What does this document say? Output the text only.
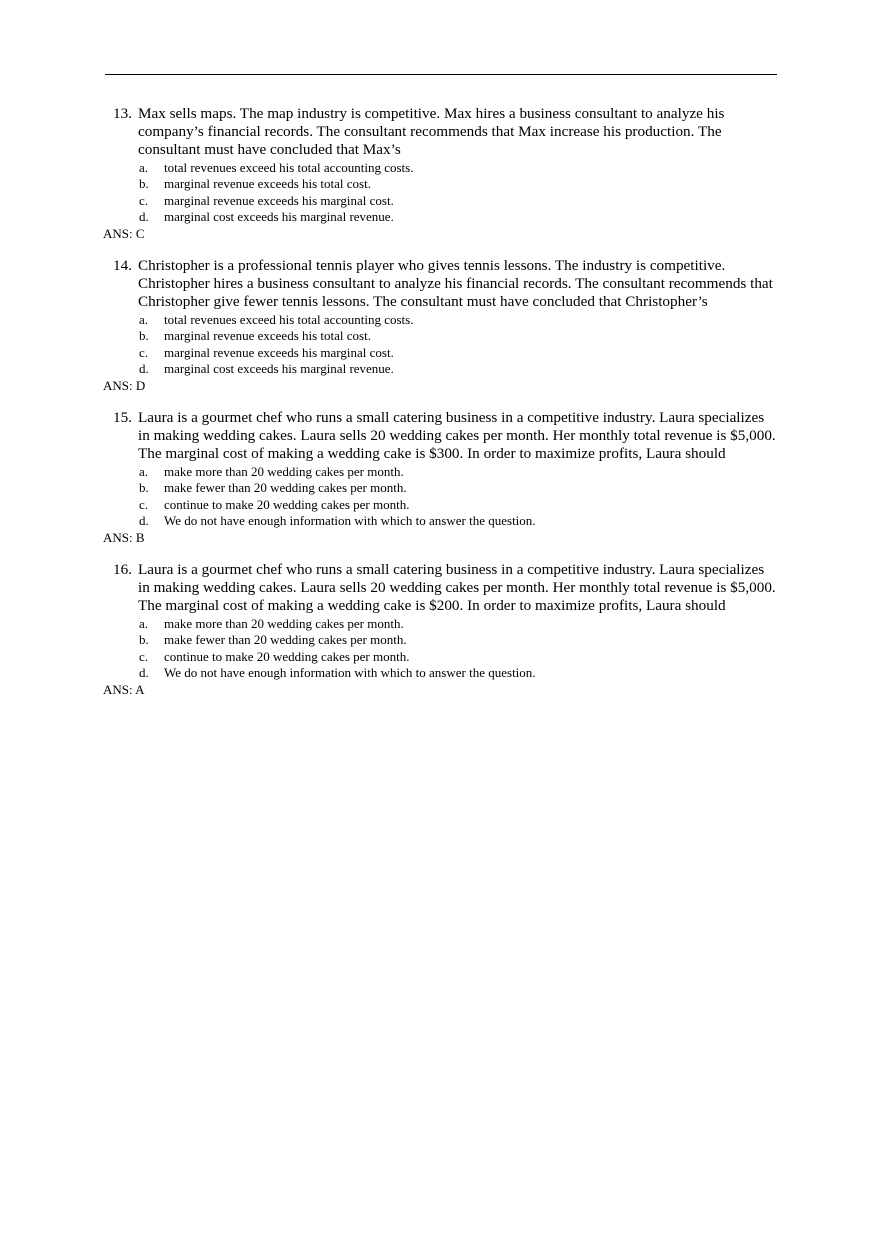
13. Max sells maps. The map industry is competitive. Max hires a business consultant to analyze his company’s financial records. The consultant recommends that Max increase his production. The consultant must have concluded that Max’s
a. total revenues exceed his total accounting costs.
b. marginal revenue exceeds his total cost.
c. marginal revenue exceeds his marginal cost.
d. marginal cost exceeds his marginal revenue.
ANS: C
14. Christopher is a professional tennis player who gives tennis lessons. The industry is competitive. Christopher hires a business consultant to analyze his financial records. The consultant recommends that Christopher give fewer tennis lessons. The consultant must have concluded that Christopher’s
a. total revenues exceed his total accounting costs.
b. marginal revenue exceeds his total cost.
c. marginal revenue exceeds his marginal cost.
d. marginal cost exceeds his marginal revenue.
ANS: D
15. Laura is a gourmet chef who runs a small catering business in a competitive industry. Laura specializes in making wedding cakes. Laura sells 20 wedding cakes per month. Her monthly total revenue is $5,000. The marginal cost of making a wedding cake is $300. In order to maximize profits, Laura should
a. make more than 20 wedding cakes per month.
b. make fewer than 20 wedding cakes per month.
c. continue to make 20 wedding cakes per month.
d. We do not have enough information with which to answer the question.
ANS: B
16. Laura is a gourmet chef who runs a small catering business in a competitive industry. Laura specializes in making wedding cakes. Laura sells 20 wedding cakes per month. Her monthly total revenue is $5,000. The marginal cost of making a wedding cake is $200. In order to maximize profits, Laura should
a. make more than 20 wedding cakes per month.
b. make fewer than 20 wedding cakes per month.
c. continue to make 20 wedding cakes per month.
d. We do not have enough information with which to answer the question.
ANS: A
